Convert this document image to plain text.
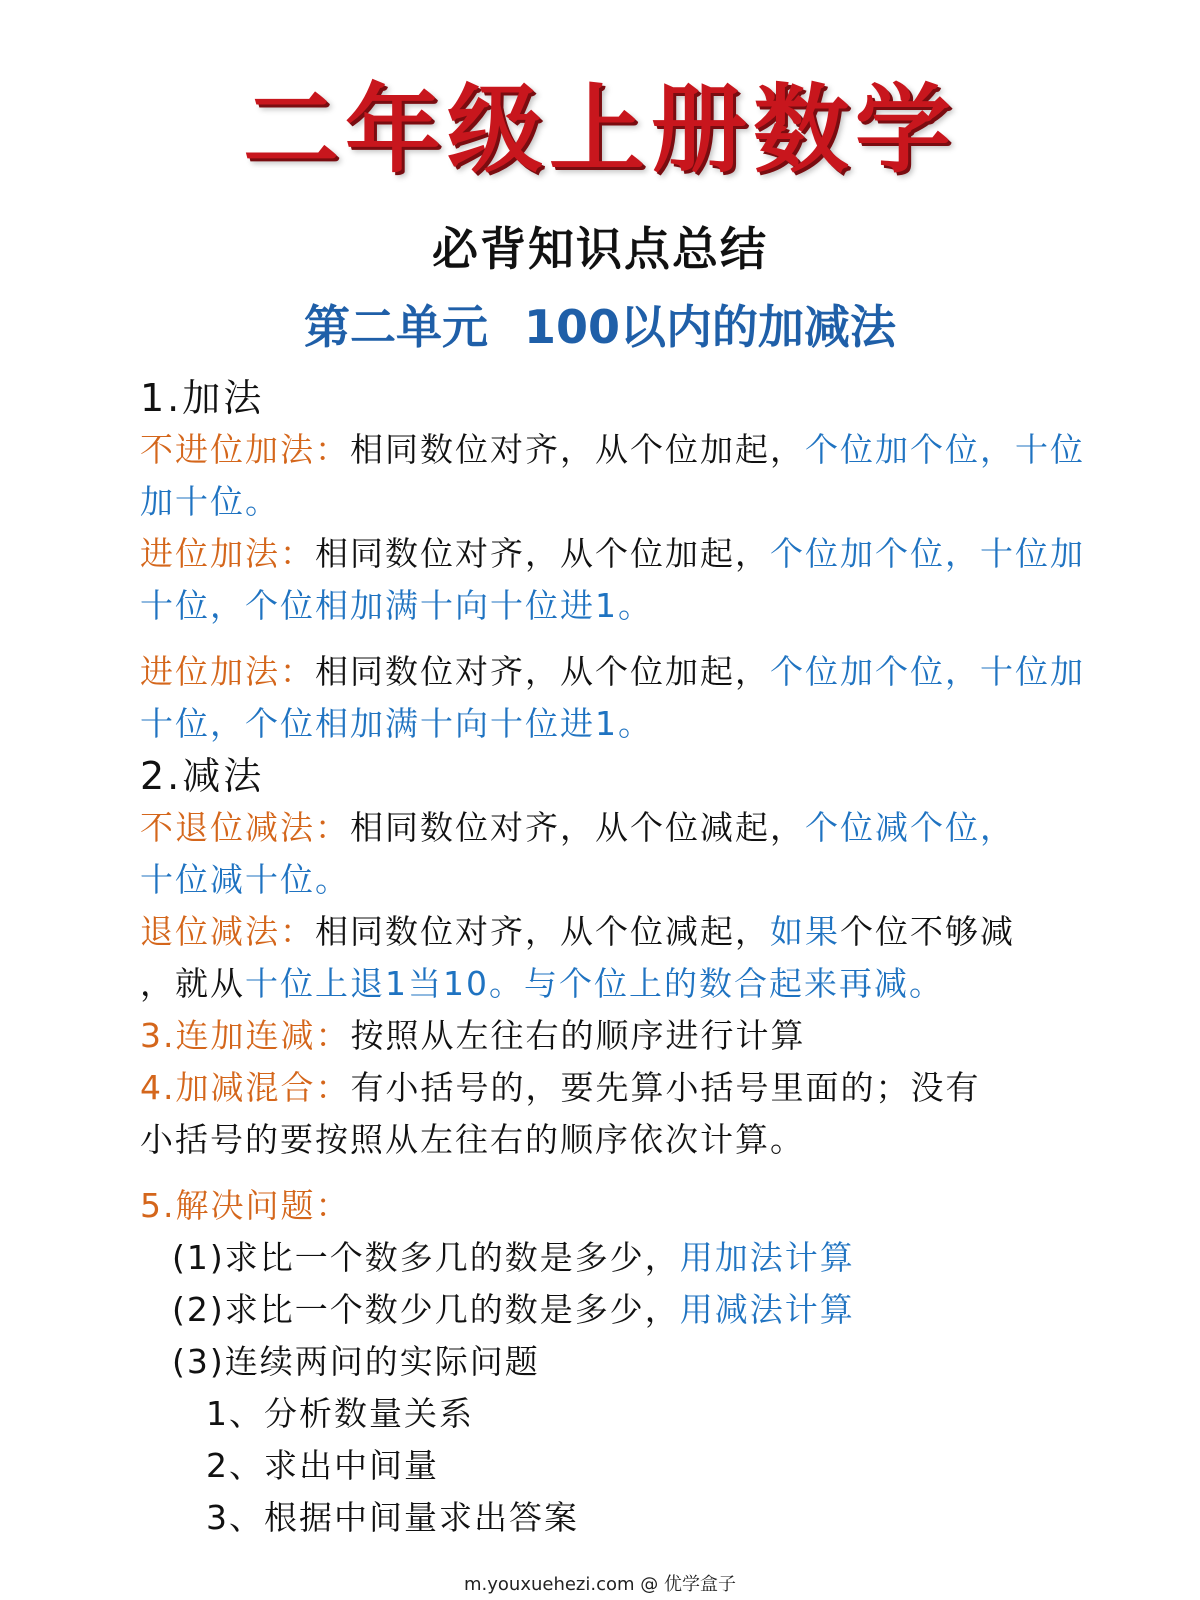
二年级上册数学
必背知识点总结
第二单元 100以内的加减法
1.加法
不进位加法：相同数位对齐，从个位加起，个位加个位，十位
加十位。
进位加法：相同数位对齐，从个位加起，个位加个位，十位加
十位，个位相加满十向十位进1。
进位加法：相同数位对齐，从个位加起，个位加个位，十位加
十位，个位相加满十向十位进1。
2.减法
不退位减法：相同数位对齐，从个位减起，个位减个位，
十位减十位。
退位减法：相同数位对齐，从个位减起，如果个位不够减
，就从十位上退1当10。与个位上的数合起来再减。
3.连加连减：按照从左往右的顺序进行计算
4.加减混合：有小括号的，要先算小括号里面的；没有
小括号的要按照从左往右的顺序依次计算。
5.解决问题：
(1)求比一个数多几的数是多少，用加法计算
(2)求比一个数少几的数是多少，用减法计算
(3)连续两问的实际问题
1、分析数量关系
2、求出中间量
3、根据中间量求出答案
m.youxuehezi.com @ 优学盒子
